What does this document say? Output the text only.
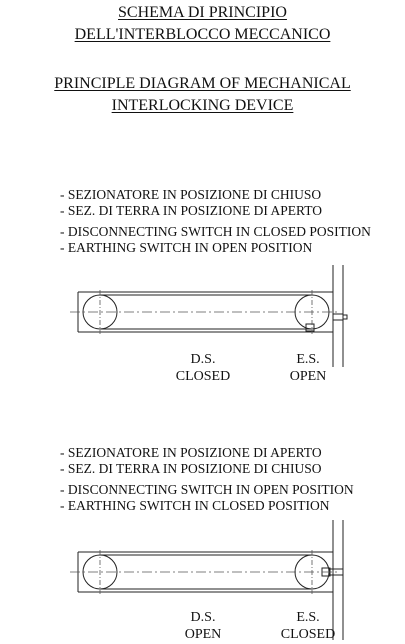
SCHEMA DI PRINCIPIO
DELL'INTERBLOCCO MECCANICO
PRINCIPLE DIAGRAM OF MECHANICAL
INTERLOCKING DEVICE
- SEZIONATORE IN POSIZIONE DI CHIUSO
- SEZ. DI TERRA IN POSIZIONE DI APERTO
- DISCONNECTING SWITCH IN CLOSED POSITION
- EARTHING SWITCH IN OPEN POSITION
D.S.
CLOSED
E.S.
OPEN
- SEZIONATORE IN POSIZIONE DI APERTO
- SEZ. DI TERRA IN POSIZIONE DI CHIUSO
- DISCONNECTING SWITCH IN OPEN POSITION
- EARTHING SWITCH IN CLOSED POSITION
D.S.
OPEN
E.S.
CLOSED
